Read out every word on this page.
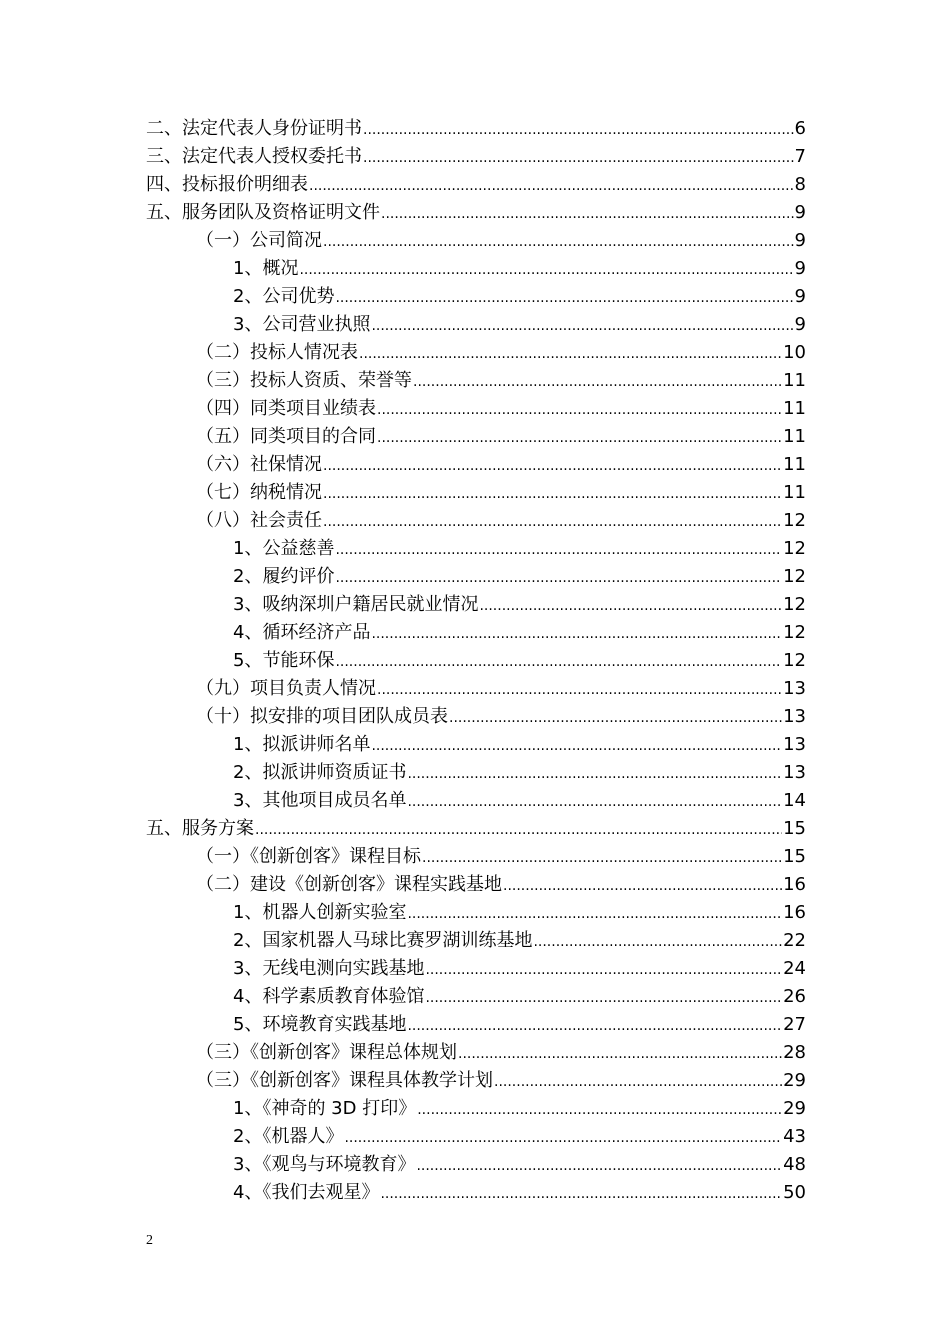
二、法定代表人身份证明书 .....	6
三、法定代表人授权委托书 .....	7
四、投标报价明细表 .....	8
五、服务团队及资格证明文件 .....	9
（一）公司简况 .....	9
1、概况 .....	9
2、公司优势 .....	9
3、公司营业执照 .....	9
（二）投标人情况表 .....	10
（三）投标人资质、荣誉等 .....	11
（四）同类项目业绩表 .....	11
（五）同类项目的合同 .....	11
（六）社保情况 .....	11
（七）纳税情况 .....	11
（八）社会责任 .....	12
1、公益慈善 .....	12
2、履约评价 .....	12
3、吸纳深圳户籍居民就业情况 .....	12
4、循环经济产品 .....	12
5、节能环保 .....	12
（九）项目负责人情况 .....	13
（十）拟安排的项目团队成员表 .....	13
1、拟派讲师名单 .....	13
2、拟派讲师资质证书 .....	13
3、其他项目成员名单 .....	14
五、服务方案 .....	15
（一）《创新创客》课程目标 .....	15
（二）建设《创新创客》课程实践基地 .....	16
1、机器人创新实验室 .....	16
2、国家机器人马球比赛罗湖训练基地 .....	22
3、无线电测向实践基地 .....	24
4、科学素质教育体验馆 .....	26
5、环境教育实践基地 .....	27
（三）《创新创客》课程总体规划 .....	28
（三）《创新创客》课程具体教学计划 .....	29
1、《神奇的 3D 打印》 .....	29
2、《机器人》 .....	43
3、《观鸟与环境教育》 .....	48
4、《我们去观星》 .....	50
2
